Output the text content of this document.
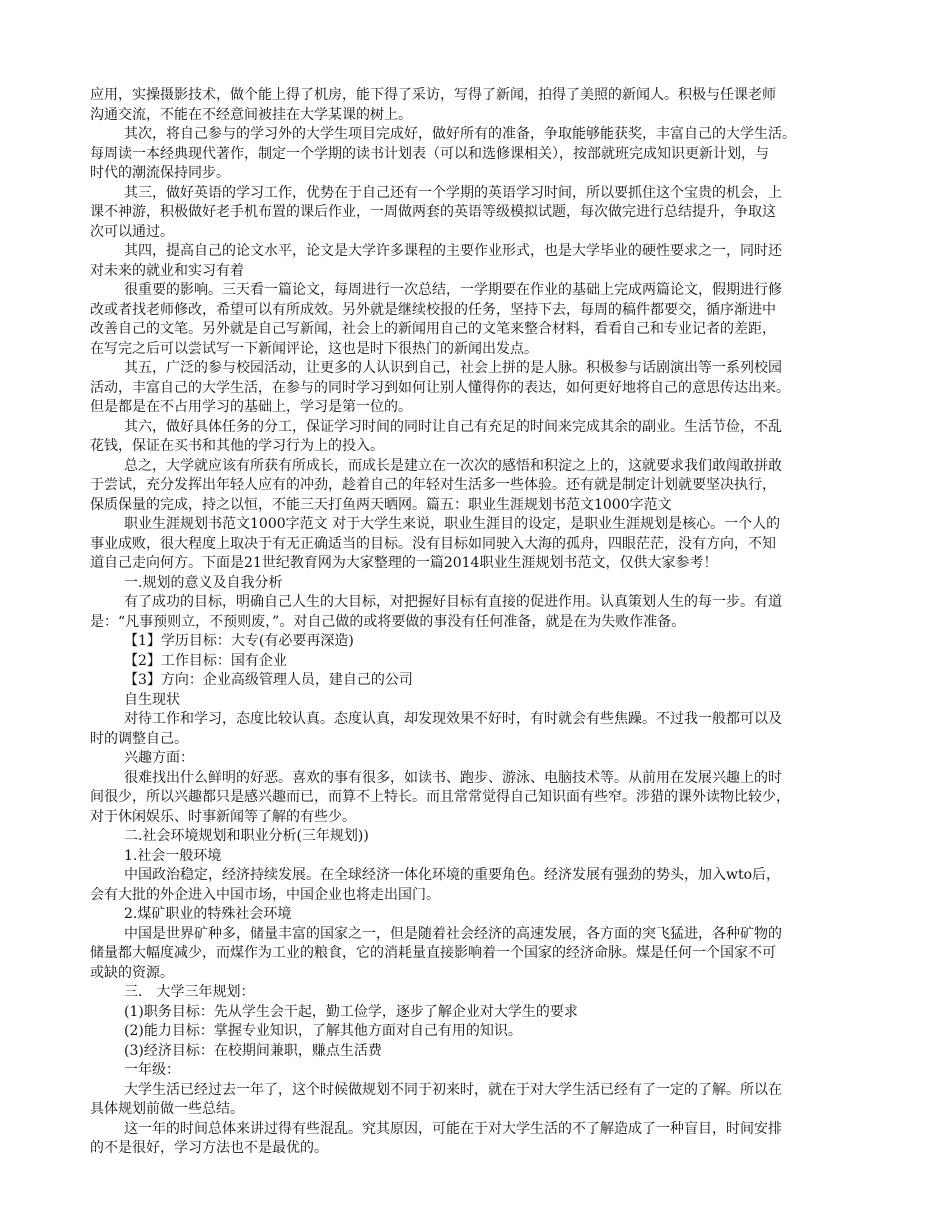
应用，实操摄影技术，做个能上得了机房，能下得了采访，写得了新闻，拍得了美照的新闻人。积极与任课老师
沟通交流，不能在不经意间被挂在大学某课的树上。
其次，将自己参与的学习外的大学生项目完成好，做好所有的准备，争取能够能获奖，丰富自己的大学生活。
每周读一本经典现代著作，制定一个学期的读书计划表（可以和选修课相关），按部就班完成知识更新计划，与
时代的潮流保持同步。
其三，做好英语的学习工作，优势在于自己还有一个学期的英语学习时间，所以要抓住这个宝贵的机会，上
课不神游，积极做好老手机布置的课后作业，一周做两套的英语等级模拟试题，每次做完进行总结提升，争取这
次可以通过。
其四，提高自己的论文水平，论文是大学许多课程的主要作业形式，也是大学毕业的硬性要求之一，同时还
对未来的就业和实习有着
很重要的影响。三天看一篇论文，每周进行一次总结，一学期要在作业的基础上完成两篇论文，假期进行修
改或者找老师修改，希望可以有所成效。另外就是继续校报的任务，坚持下去，每周的稿件都要交，循序渐进中
改善自己的文笔。另外就是自己写新闻，社会上的新闻用自己的文笔来整合材料，看看自己和专业记者的差距，
在写完之后可以尝试写一下新闻评论，这也是时下很热门的新闻出发点。
其五，广泛的参与校园活动，让更多的人认识到自己，社会上拼的是人脉。积极参与话剧演出等一系列校园
活动，丰富自己的大学生活，在参与的同时学习到如何让别人懂得你的表达，如何更好地将自己的意思传达出来。
但是都是在不占用学习的基础上，学习是第一位的。
其六，做好具体任务的分工，保证学习时间的同时让自己有充足的时间来完成其余的副业。生活节俭，不乱
花钱，保证在买书和其他的学习行为上的投入。
总之，大学就应该有所获有所成长，而成长是建立在一次次的感悟和积淀之上的，这就要求我们敢闯敢拼敢
于尝试，充分发挥出年轻人应有的冲劲，趁着自己的年轻对生活多一些体验。还有就是制定计划就要坚决执行，
保质保量的完成，持之以恒，不能三天打鱼两天晒网。篇五：职业生涯规划书范文1000字范文
职业生涯规划书范文1000字范文 对于大学生来说，职业生涯目的设定，是职业生涯规划是核心。一个人的
事业成败，很大程度上取决于有无正确适当的目标。没有目标如同驶入大海的孤舟，四眼茫茫，没有方向，不知
道自己走向何方。下面是21世纪教育网为大家整理的一篇2014职业生涯规划书范文，仅供大家参考！
一.规划的意义及自我分析
有了成功的目标，明确自己人生的大目标，对把握好目标有直接的促进作用。认真策划人生的每一步。有道
是：“凡事预则立，不预则废，”。对自己做的或将要做的事没有任何准备，就是在为失败作准备。
【1】学历目标：大专(有必要再深造)
【2】工作目标：国有企业
【3】方向：企业高级管理人员，建自己的公司
自生现状
对待工作和学习，态度比较认真。态度认真，却发现效果不好时，有时就会有些焦躁。不过我一般都可以及
时的调整自己。
兴趣方面：
很难找出什么鲜明的好恶。喜欢的事有很多，如读书、跑步、游泳、电脑技术等。从前用在发展兴趣上的时
间很少，所以兴趣都只是感兴趣而已，而算不上特长。而且常常觉得自己知识面有些窄。涉猎的课外读物比较少，
对于休闲娱乐、时事新闻等了解的有些少。
二.社会环境规划和职业分析(三年规划))
1.社会一般环境
中国政治稳定，经济持续发展。在全球经济一体化环境的重要角色。经济发展有强劲的势头，加入wto后，
会有大批的外企进入中国市场，中国企业也将走出国门。
2.煤矿职业的特殊社会环境
中国是世界矿种多，储量丰富的国家之一，但是随着社会经济的高速发展，各方面的突飞猛进，各种矿物的
储量都大幅度减少，而煤作为工业的粮食，它的消耗量直接影响着一个国家的经济命脉。煤是任何一个国家不可
或缺的资源。
三． 大学三年规划：
(1)职务目标：先从学生会干起，勤工俭学，逐步了解企业对大学生的要求
(2)能力目标：掌握专业知识，了解其他方面对自己有用的知识。
(3)经济目标：在校期间兼职，赚点生活费
一年级：
大学生活已经过去一年了，这个时候做规划不同于初来时，就在于对大学生活已经有了一定的了解。所以在
具体规划前做一些总结。
这一年的时间总体来讲过得有些混乱。究其原因，可能在于对大学生活的不了解造成了一种盲目，时间安排
的不是很好，学习方法也不是最优的。
